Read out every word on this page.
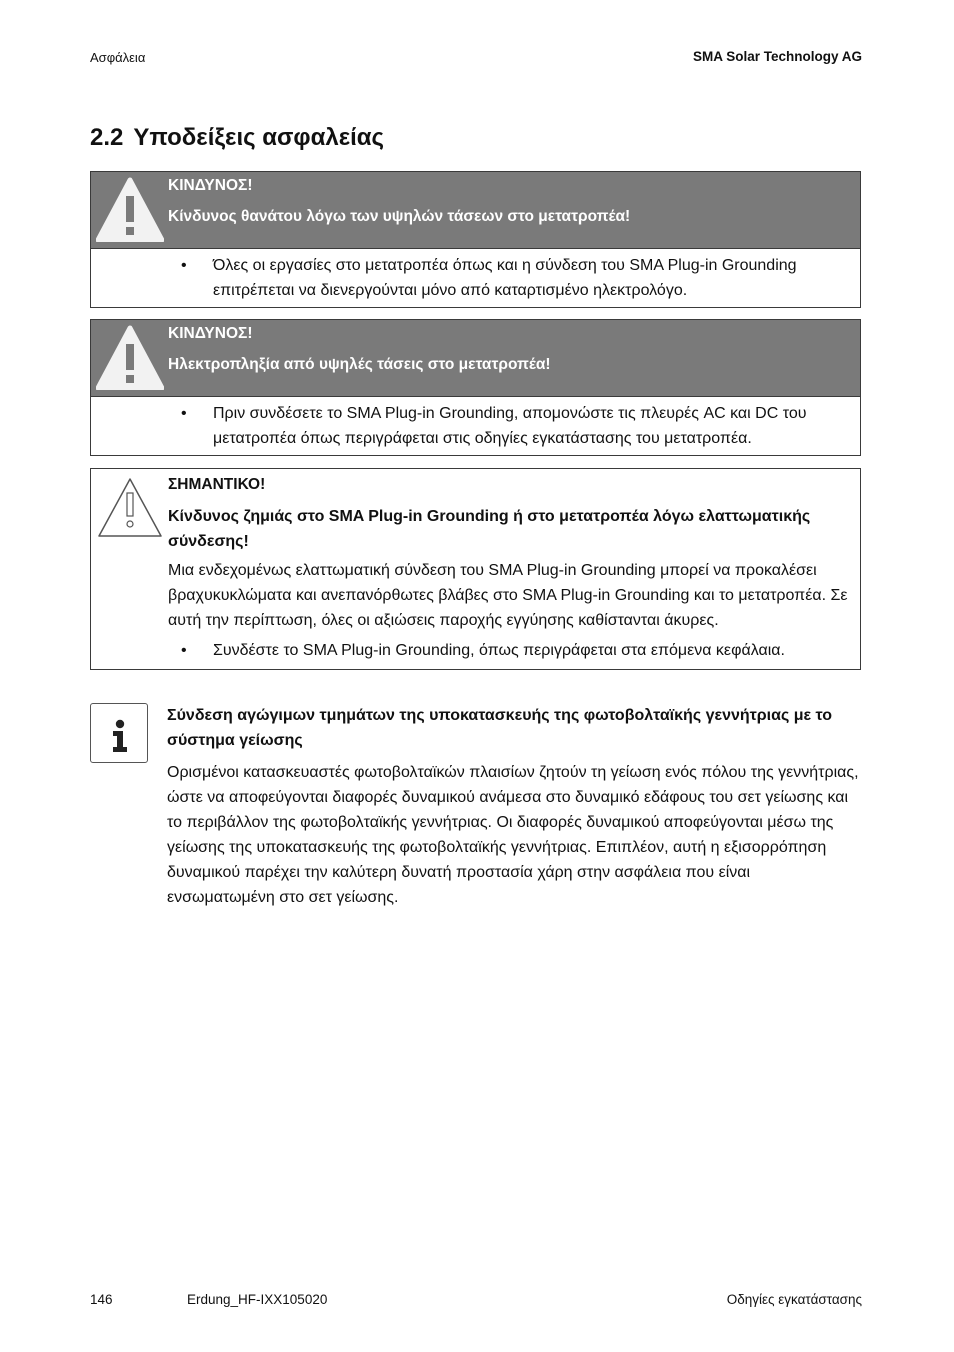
Ασφάλεια	SMA Solar Technology AG
2.2 Υποδείξεις ασφαλείας
ΚΙΝΔΥΝΟΣ!
Κίνδυνος θανάτου λόγω των υψηλών τάσεων στο μετατροπέα!
• Όλες οι εργασίες στο μετατροπέα όπως και η σύνδεση του SMA Plug-in Grounding επιτρέπεται να διενεργούνται μόνο από καταρτισμένο ηλεκτρολόγο.
ΚΙΝΔΥΝΟΣ!
Ηλεκτροπληξία από υψηλές τάσεις στο μετατροπέα!
• Πριν συνδέσετε το SMA Plug-in Grounding, απομονώστε τις πλευρές AC και DC του μετατροπέα όπως περιγράφεται στις οδηγίες εγκατάστασης του μετατροπέα.
ΣΗΜΑΝΤΙΚΟ!
Κίνδυνος ζημιάς στο SMA Plug-in Grounding ή στο μετατροπέα λόγω ελαττωματικής σύνδεσης!
Μια ενδεχομένως ελαττωματική σύνδεση του SMA Plug-in Grounding μπορεί να προκαλέσει βραχυκυκλώματα και ανεπανόρθωτες βλάβες στο SMA Plug-in Grounding και το μετατροπέα. Σε αυτή την περίπτωση, όλες οι αξιώσεις παροχής εγγύησης καθίστανται άκυρες.
• Συνδέστε το SMA Plug-in Grounding, όπως περιγράφεται στα επόμενα κεφάλαια.
Σύνδεση αγώγιμων τμημάτων της υποκατασκευής της φωτοβολταϊκής γεννήτριας με το σύστημα γείωσης
Ορισμένοι κατασκευαστές φωτοβολταϊκών πλαισίων ζητούν τη γείωση ενός πόλου της γεννήτριας, ώστε να αποφεύγονται διαφορές δυναμικού ανάμεσα στο δυναμικό εδάφους του σετ γείωσης και το περιβάλλον της φωτοβολταϊκής γεννήτριας. Οι διαφορές δυναμικού αποφεύγονται μέσω της γείωσης της υποκατασκευής της φωτοβολταϊκής γεννήτριας. Επιπλέον, αυτή η εξισορρόπηση δυναμικού παρέχει την καλύτερη δυνατή προστασία χάρη στην ασφάλεια που είναι ενσωματωμένη στο σετ γείωσης.
146	Erdung_HF-IXX105020	Οδηγίες εγκατάστασης
